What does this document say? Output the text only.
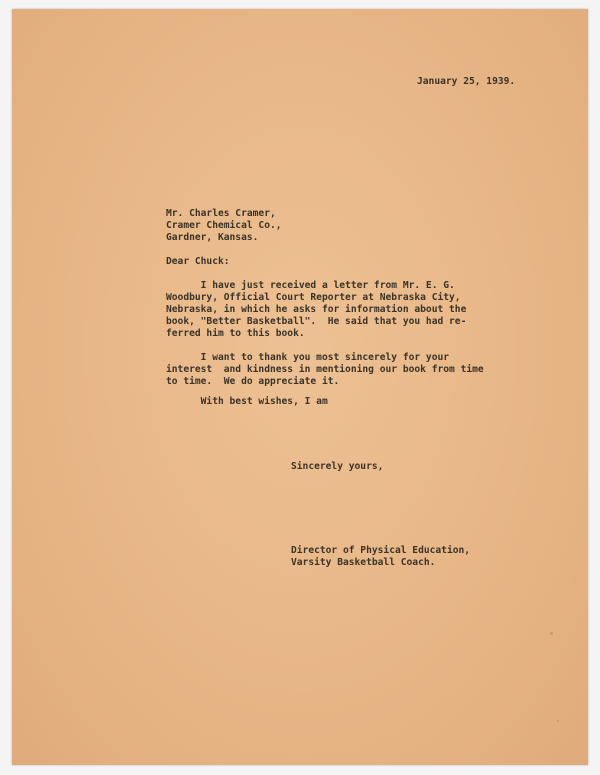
January 25, 1939.
Mr. Charles Cramer,
Cramer Chemical Co.,
Gardner, Kansas.
Dear Chuck:
I have just received a letter from Mr. E. G.
Woodbury, Official Court Reporter at Nebraska City,
Nebraska, in which he asks for information about the
book, "Better Basketball".  He said that you had re-
ferred him to this book.
I want to thank you most sincerely for your
interest  and kindness in mentioning our book from time
to time.  We do appreciate it.
With best wishes, I am
Sincerely yours,
Director of Physical Education,
Varsity Basketball Coach.
